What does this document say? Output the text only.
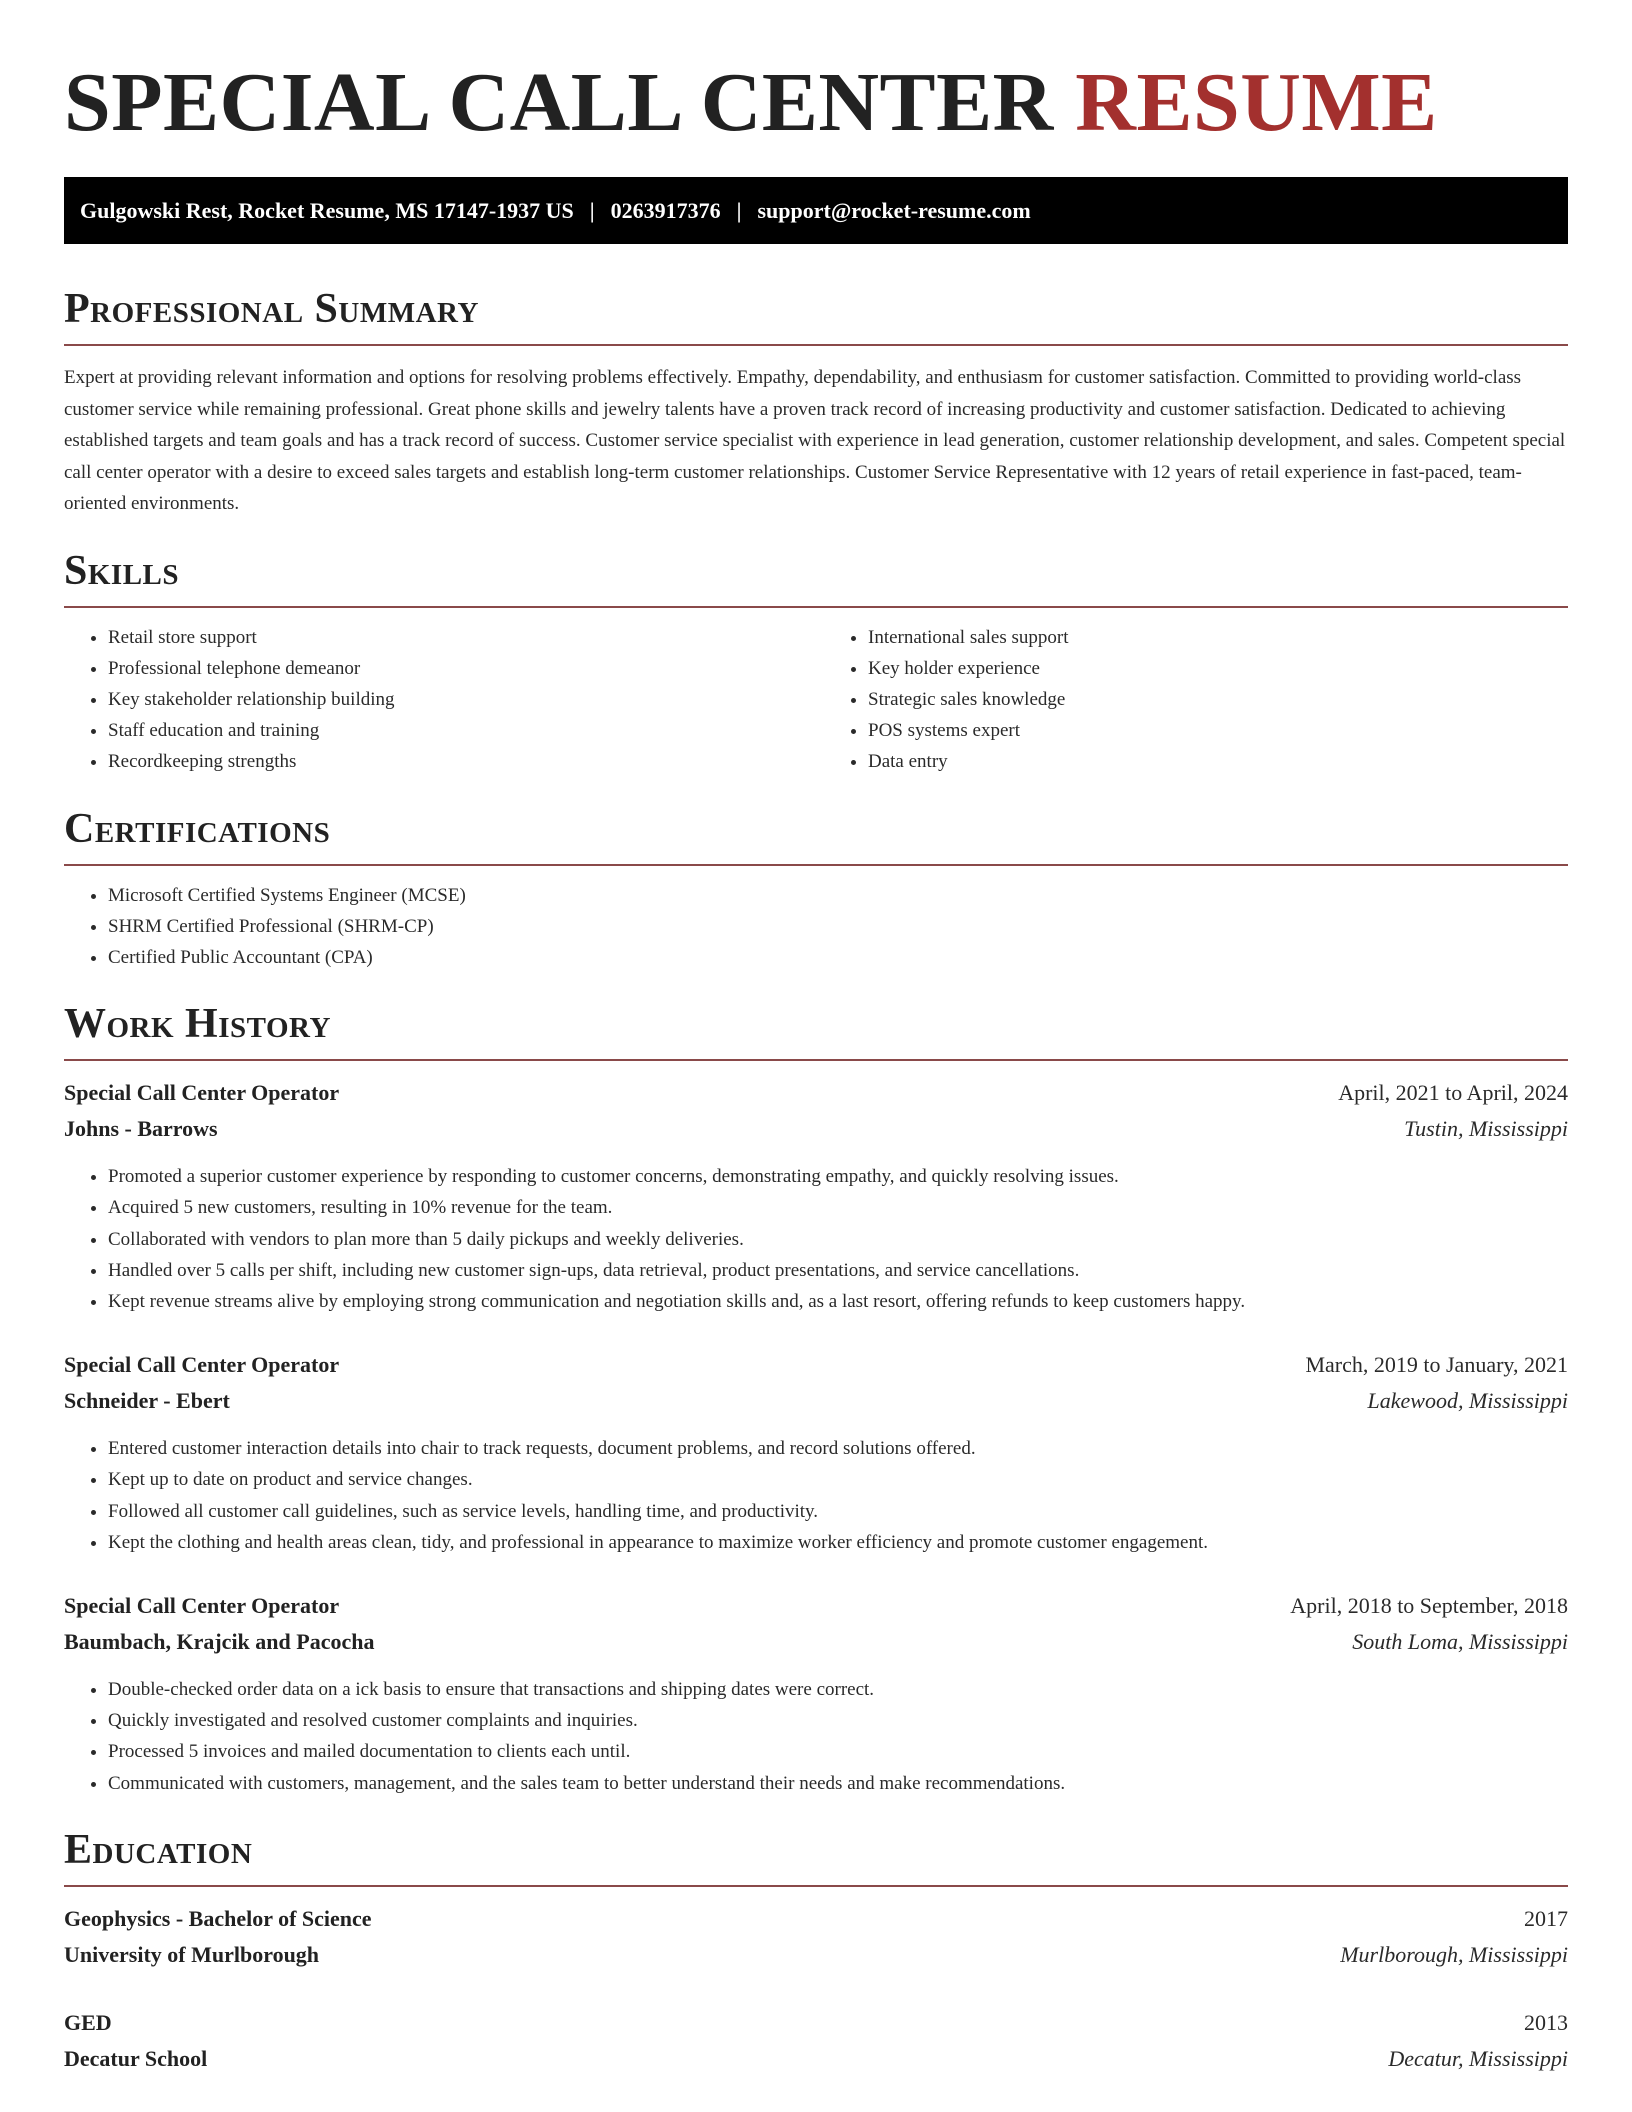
SPECIAL CALL CENTER RESUME
Gulgowski Rest, Rocket Resume, MS 17147-1937 US | 0263917376 | support@rocket-resume.com
Professional Summary

Expert at providing relevant information and options for resolving problems effectively. Empathy, dependability, and enthusiasm for customer satisfaction. Committed to providing world-class customer service while remaining professional. Great phone skills and jewelry talents have a proven track record of increasing productivity and customer satisfaction. Dedicated to achieving established targets and team goals and has a track record of success. Customer service specialist with experience in lead generation, customer relationship development, and sales. Competent special call center operator with a desire to exceed sales targets and establish long-term customer relationships. Customer Service Representative with 12 years of retail experience in fast-paced, team-oriented environments.

Skills
• Retail store support
• Professional telephone demeanor
• Key stakeholder relationship building
• Staff education and training
• Recordkeeping strengths
• International sales support
• Key holder experience
• Strategic sales knowledge
• POS systems expert
• Data entry
Certifications
• Microsoft Certified Systems Engineer (MCSE)
• SHRM Certified Professional (SHRM-CP)
• Certified Public Accountant (CPA)
Work History
Special Call Center Operator	April, 2021 to April, 2024
Johns - Barrows	Tustin, Mississippi
• Promoted a superior customer experience by responding to customer concerns, demonstrating empathy, and quickly resolving issues.
• Acquired 5 new customers, resulting in 10% revenue for the team.
• Collaborated with vendors to plan more than 5 daily pickups and weekly deliveries.
• Handled over 5 calls per shift, including new customer sign-ups, data retrieval, product presentations, and service cancellations.
• Kept revenue streams alive by employing strong communication and negotiation skills and, as a last resort, offering refunds to keep customers happy.
Special Call Center Operator	March, 2019 to January, 2021
Schneider - Ebert	Lakewood, Mississippi
• Entered customer interaction details into chair to track requests, document problems, and record solutions offered.
• Kept up to date on product and service changes.
• Followed all customer call guidelines, such as service levels, handling time, and productivity.
• Kept the clothing and health areas clean, tidy, and professional in appearance to maximize worker efficiency and promote customer engagement.
Special Call Center Operator	April, 2018 to September, 2018
Baumbach, Krajcik and Pacocha	South Loma, Mississippi
• Double-checked order data on a ick basis to ensure that transactions and shipping dates were correct.
• Quickly investigated and resolved customer complaints and inquiries.
• Processed 5 invoices and mailed documentation to clients each until.
• Communicated with customers, management, and the sales team to better understand their needs and make recommendations.
Education
Geophysics - Bachelor of Science	2017
University of Murlborough	Murlborough, Mississippi
GED	2013
Decatur School	Decatur, Mississippi
